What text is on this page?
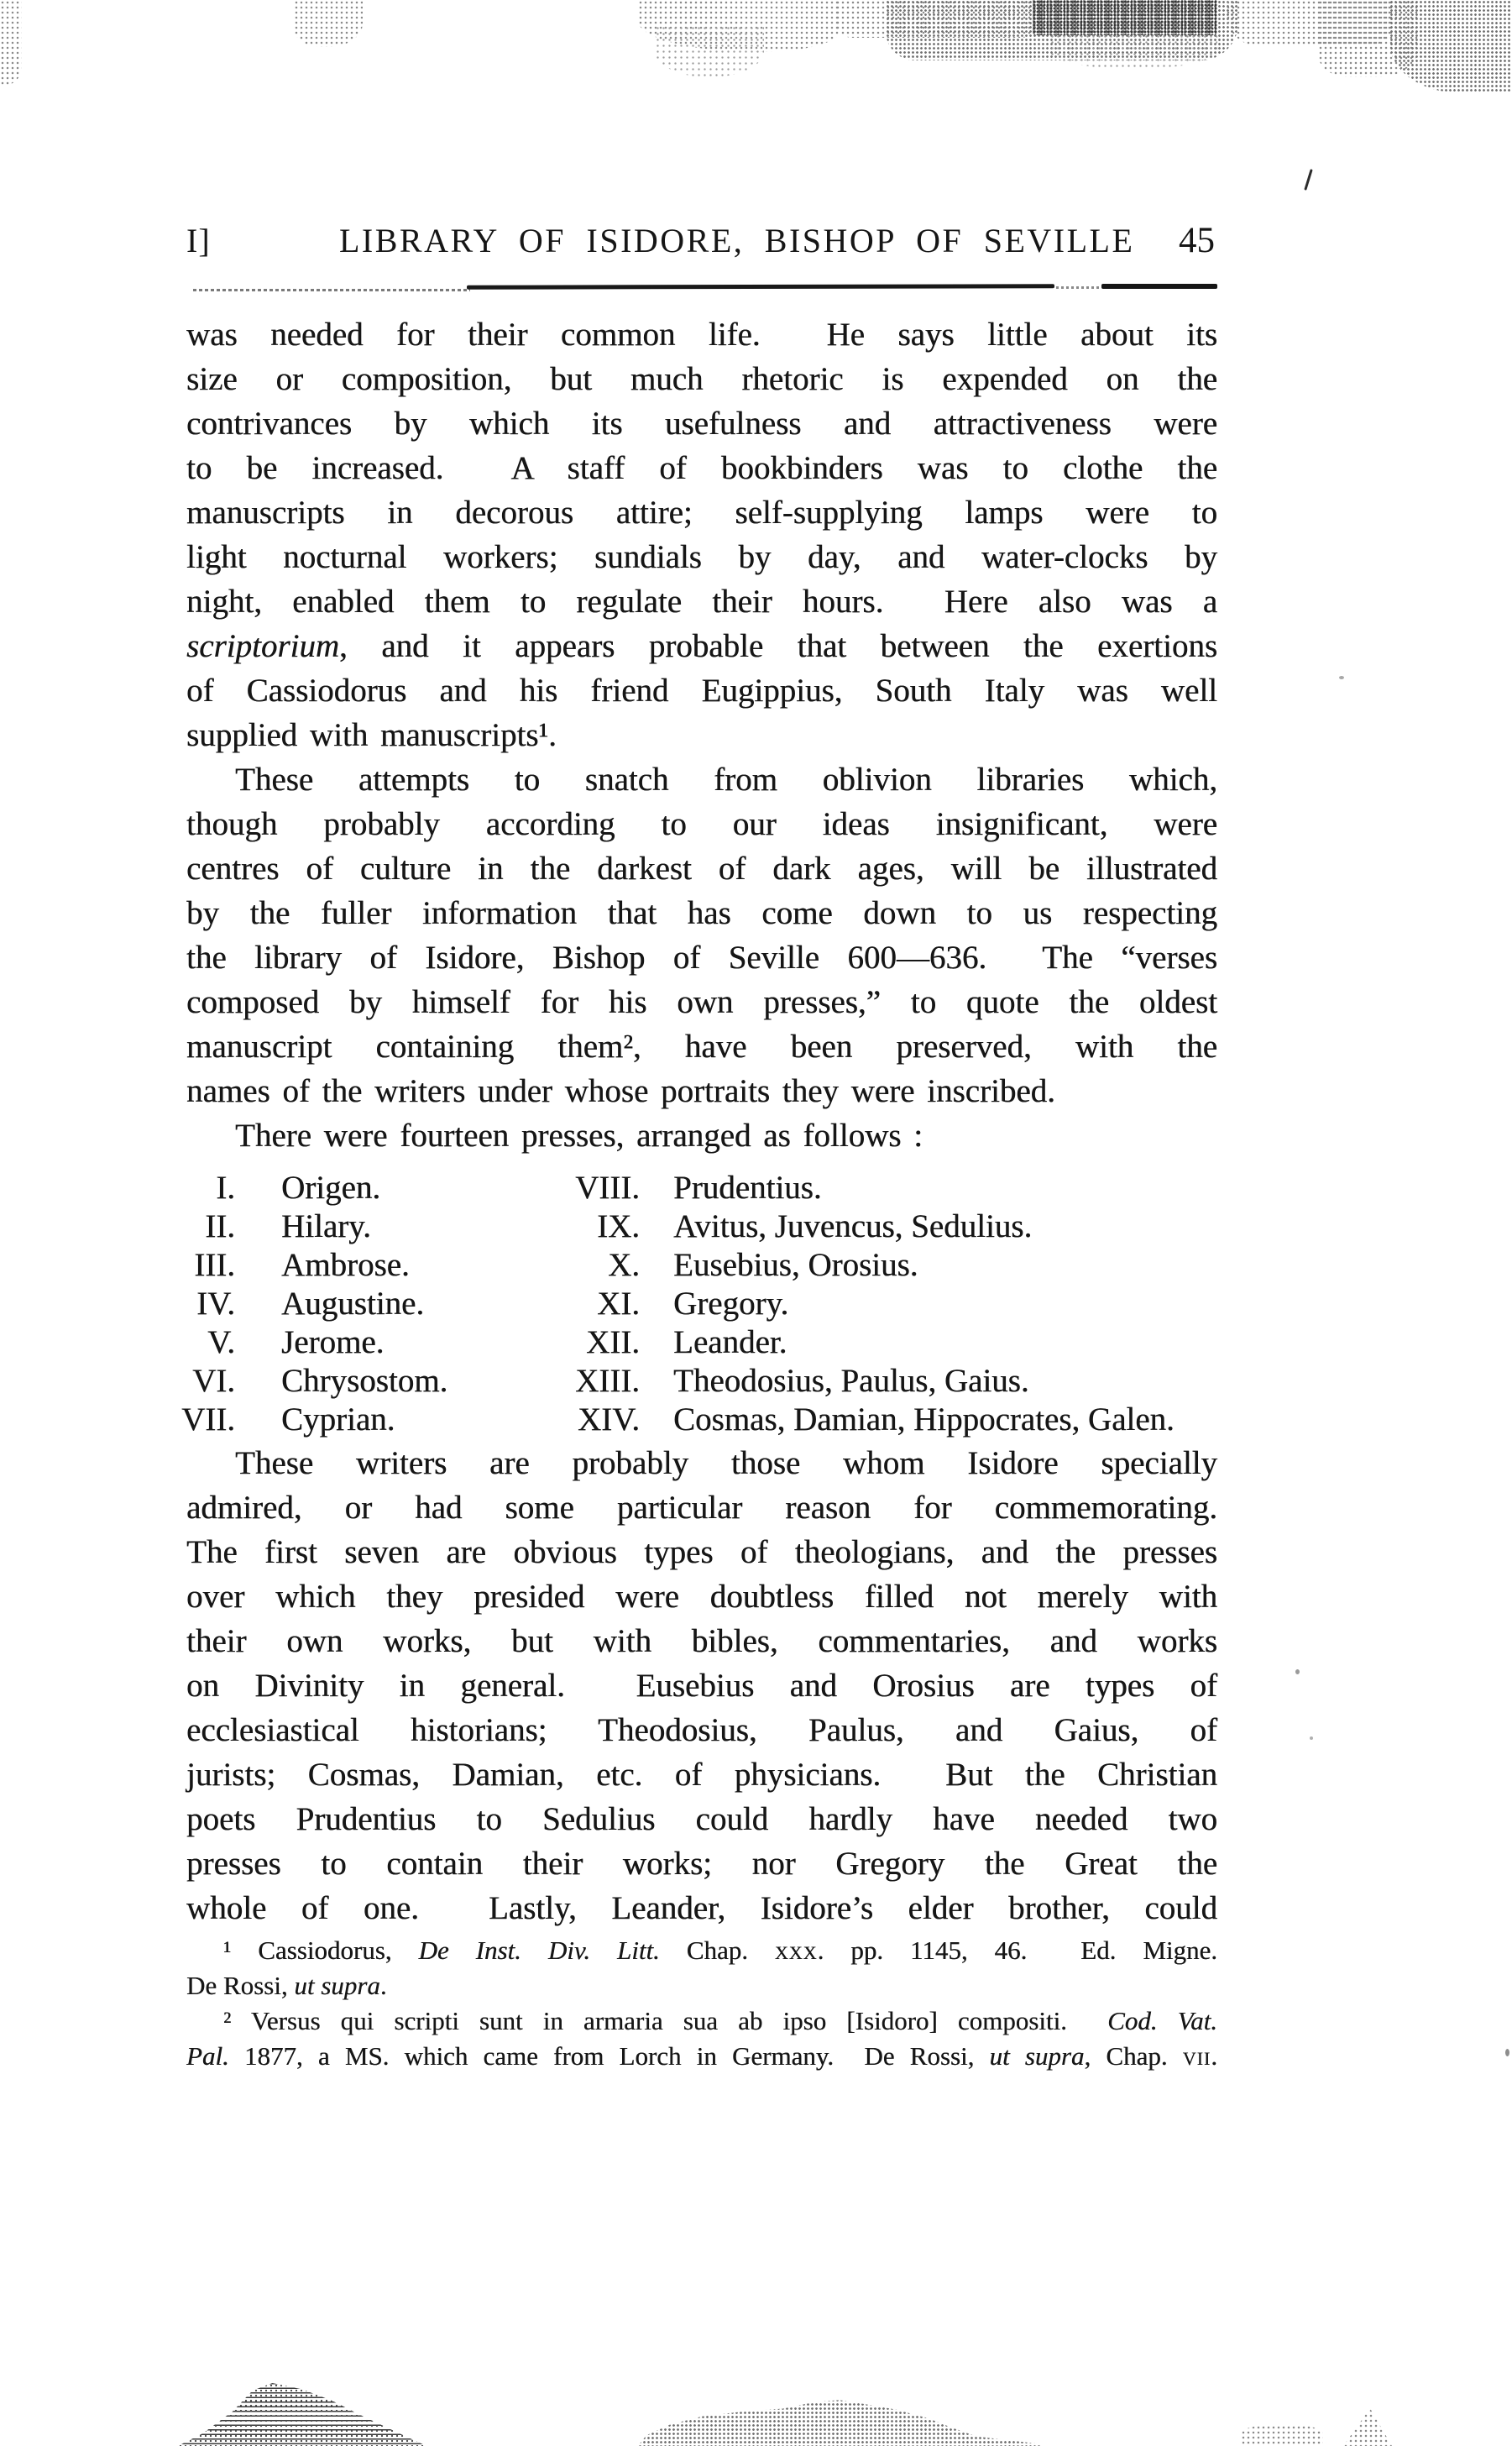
I]	LIBRARY OF ISIDORE, BISHOP OF SEVILLE 45
was needed for their common life.  He says little about its
size or composition, but much rhetoric is expended on the
contrivances by which its usefulness and attractiveness were
to be increased.  A staff of bookbinders was to clothe the
manuscripts in decorous attire; self-supplying lamps were to
light nocturnal workers; sundials by day, and water-clocks by
night, enabled them to regulate their hours.  Here also was a
scriptorium, and it appears probable that between the exertions
of Cassiodorus and his friend Eugippius, South Italy was well
supplied with manuscripts¹.
These attempts to snatch from oblivion libraries which,
though probably according to our ideas insignificant, were
centres of culture in the darkest of dark ages, will be illustrated
by the fuller information that has come down to us respecting
the library of Isidore, Bishop of Seville 600—636.  The “verses
composed by himself for his own presses,” to quote the oldest
manuscript containing them², have been preserved, with the
names of the writers under whose portraits they were inscribed.
There were fourteen presses, arranged as follows :
I. Origen.	VIII. Prudentius.
II. Hilary.	IX. Avitus, Juvencus, Sedulius.
III. Ambrose.	X. Eusebius, Orosius.
IV. Augustine.	XI. Gregory.
V. Jerome.	XII. Leander.
VI. Chrysostom.	XIII. Theodosius, Paulus, Gaius.
VII. Cyprian.	XIV. Cosmas, Damian, Hippocrates, Galen.
These writers are probably those whom Isidore specially
admired, or had some particular reason for commemorating.
The first seven are obvious types of theologians, and the presses
over which they presided were doubtless filled not merely with
their own works, but with bibles, commentaries, and works
on Divinity in general.  Eusebius and Orosius are types of
ecclesiastical historians; Theodosius, Paulus, and Gaius, of
jurists; Cosmas, Damian, etc. of physicians.  But the Christian
poets Prudentius to Sedulius could hardly have needed two
presses to contain their works; nor Gregory the Great the
whole of one.  Lastly, Leander, Isidore’s elder brother, could
¹ Cassiodorus, De Inst. Div. Litt. Chap. xxx. pp. 1145, 46.  Ed. Migne.
De Rossi, ut supra.
² Versus qui scripti sunt in armaria sua ab ipso [Isidoro] compositi.  Cod. Vat.
Pal. 1877, a MS. which came from Lorch in Germany.  De Rossi, ut supra, Chap. vii.
